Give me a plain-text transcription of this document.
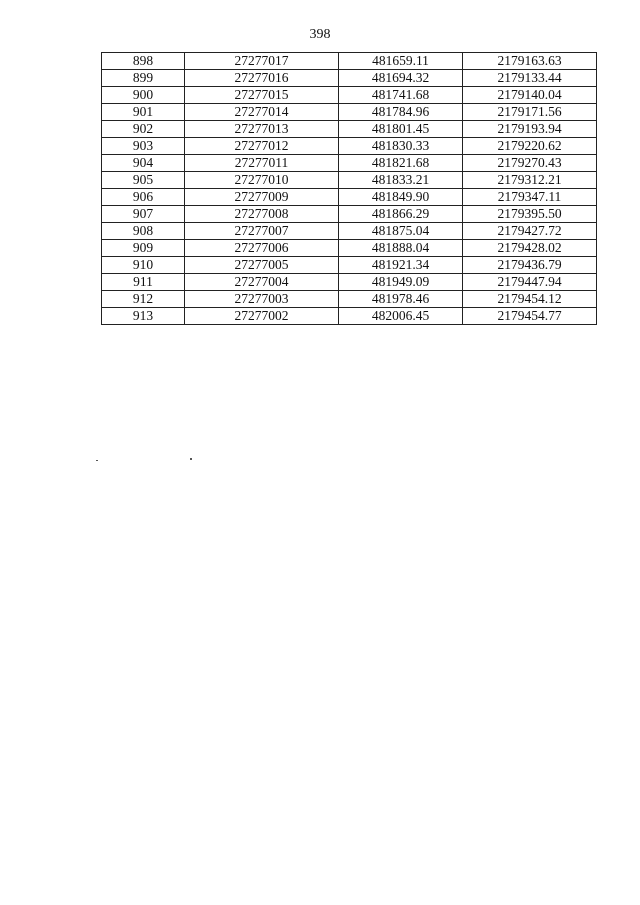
398
898	27277017	481659.11	2179163.63
899	27277016	481694.32	2179133.44
900	27277015	481741.68	2179140.04
901	27277014	481784.96	2179171.56
902	27277013	481801.45	2179193.94
903	27277012	481830.33	2179220.62
904	27277011	481821.68	2179270.43
905	27277010	481833.21	2179312.21
906	27277009	481849.90	2179347.11
907	27277008	481866.29	2179395.50
908	27277007	481875.04	2179427.72
909	27277006	481888.04	2179428.02
910	27277005	481921.34	2179436.79
911	27277004	481949.09	2179447.94
912	27277003	481978.46	2179454.12
913	27277002	482006.45	2179454.77
